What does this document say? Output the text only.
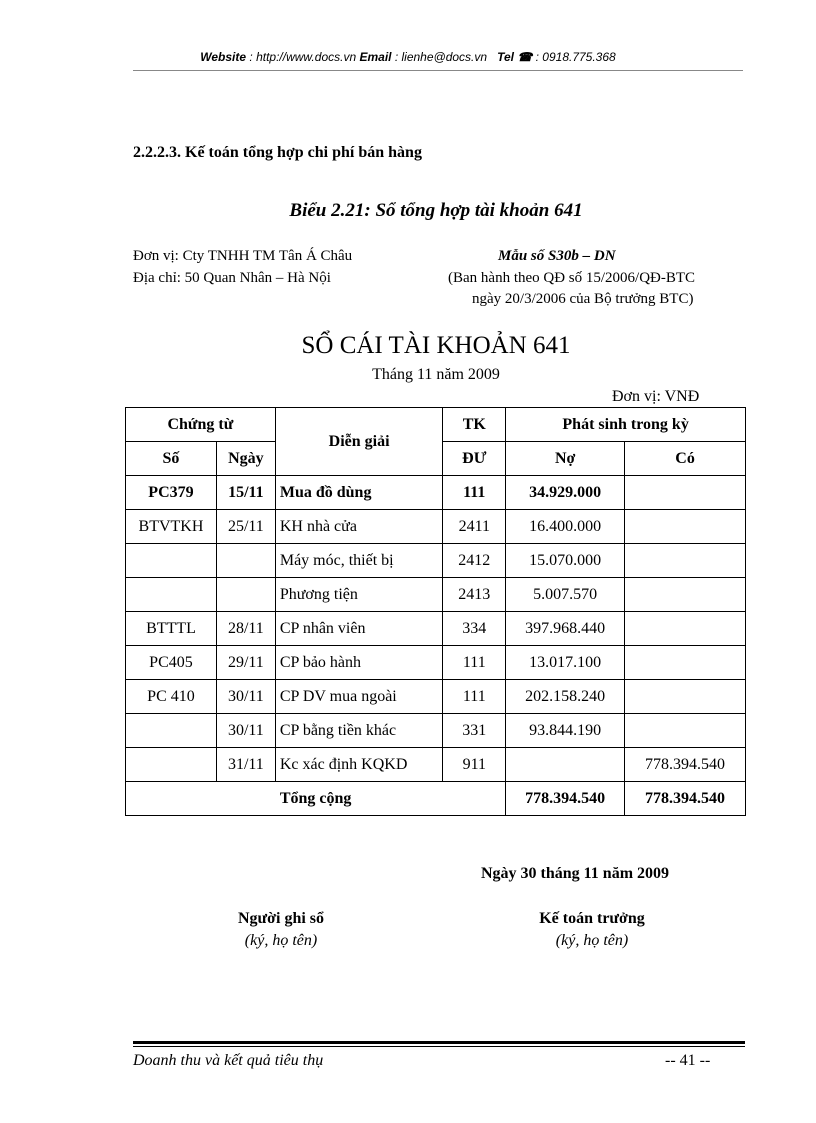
Website : http://www.docs.vn Email : lienhe@docs.vn Tel ☎ : 0918.775.368
2.2.2.3. Kế toán tổng hợp chi phí bán hàng
Biểu 2.21: Sổ tổng hợp tài khoản 641
Đơn vị: Cty TNHH TM Tân Á Châu
Địa chỉ: 50 Quan Nhân – Hà Nội
Mẫu số S30b – DN
(Ban hành theo QĐ số 15/2006/QĐ-BTC
ngày 20/3/2006 của Bộ trưởng BTC)
SỔ CÁI TÀI KHOẢN 641
Tháng 11 năm 2009
Đơn vị: VNĐ
Chứng từ		Diễn giải	TK	Phát sinh trong kỳ	
Số	Ngày		ĐƯ	Nợ	Có
PC379	15/11	Mua đồ dùng	111	34.929.000	
BTVTKH	25/11	KH nhà cửa	2411	16.400.000	
		Máy móc, thiết bị	2412	15.070.000	
		Phương tiện	2413	5.007.570	
BTTTL	28/11	CP nhân viên	334	397.968.440	
PC405	29/11	CP bảo hành	111	13.017.100	
PC 410	30/11	CP DV mua ngoài	111	202.158.240	
	30/11	CP bằng tiền khác	331	93.844.190	
	31/11	Kc xác định KQKD	911		778.394.540
Tổng cộng				778.394.540	778.394.540
Ngày 30 tháng 11 năm 2009
Người ghi sổ
(ký, họ tên)
Kế toán trưởng
(ký, họ tên)
Doanh thu và kết quả tiêu thụ	-- 41 --
